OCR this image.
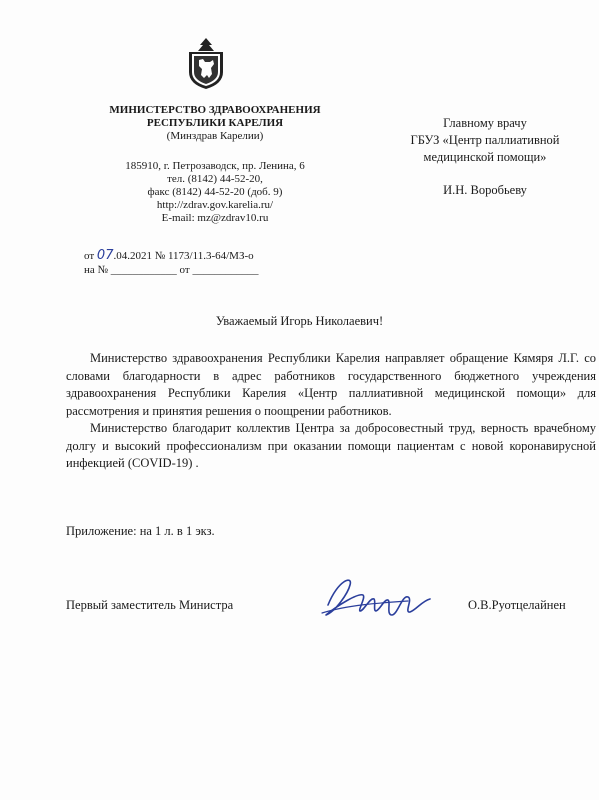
МИНИСТЕРСТВО ЗДРАВООХРАНЕНИЯ
РЕСПУБЛИКИ КАРЕЛИЯ
(Минздрав Карелии)
185910, г. Петрозаводск, пр. Ленина, 6
тел. (8142) 44-52-20,
факс (8142) 44-52-20 (доб. 9)
http://zdrav.gov.karelia.ru/
E-mail: mz@zdrav10.ru
Главному врачу
ГБУЗ «Центр паллиативной
медицинской помощи»
И.Н. Воробьеву
от 07.04.2021 № 1173/11.3-64/МЗ-о
на № ____________ от ____________
Уважаемый Игорь Николаевич!

Министерство здравоохранения Республики Карелия направляет обращение Кямяря Л.Г. со словами благодарности в адрес работников государственного бюджетного учреждения здравоохранения Республики Карелия «Центр паллиативной медицинской помощи» для рассмотрения и принятия решения о поощрении работников.

Министерство благодарит коллектив Центра за добросовестный труд, верность врачебному долгу и высокий профессионализм при оказании помощи пациентам с новой коронавирусной инфекцией (COVID-19) .

Приложение: на 1 л. в 1 экз.
Первый заместитель Министра	О.В.Руотцелайнен
